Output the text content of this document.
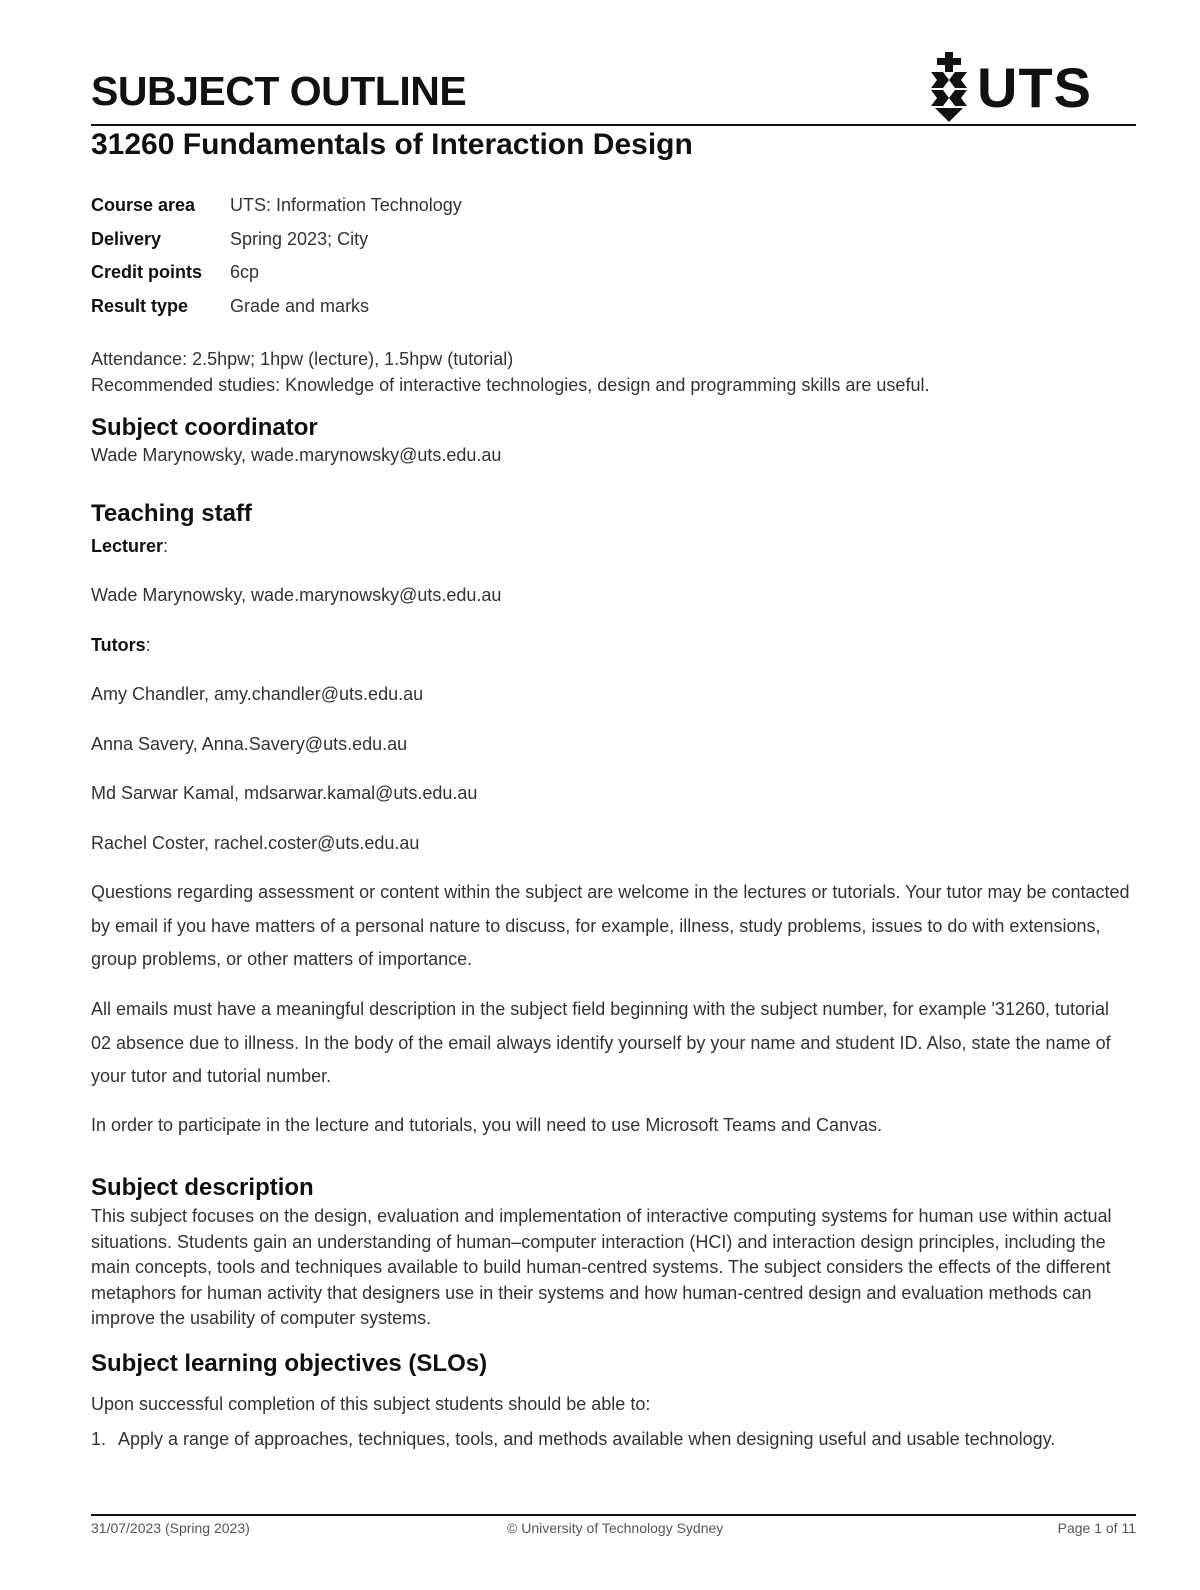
SUBJECT OUTLINE	UTS
31260 Fundamentals of Interaction Design
Course area	UTS: Information Technology
Delivery	Spring 2023; City
Credit points	6cp
Result type	Grade and marks

Attendance: 2.5hpw; 1hpw (lecture), 1.5hpw (tutorial)

Recommended studies: Knowledge of interactive technologies, design and programming skills are useful.

Subject coordinator

Wade Marynowsky, wade.marynowsky@uts.edu.au

Teaching staff

Lecturer:

Wade Marynowsky, wade.marynowsky@uts.edu.au

Tutors:

Amy Chandler, amy.chandler@uts.edu.au

Anna Savery, Anna.Savery@uts.edu.au

Md Sarwar Kamal, mdsarwar.kamal@uts.edu.au

Rachel Coster, rachel.coster@uts.edu.au

Questions regarding assessment or content within the subject are welcome in the lectures or tutorials. Your tutor may be contacted by email if you have matters of a personal nature to discuss, for example, illness, study problems, issues to do with extensions, group problems, or other matters of importance.

All emails must have a meaningful description in the subject field beginning with the subject number, for example '31260, tutorial 02 absence due to illness. In the body of the email always identify yourself by your name and student ID. Also, state the name of your tutor and tutorial number.

In order to participate in the lecture and tutorials, you will need to use Microsoft Teams and Canvas.

Subject description

This subject focuses on the design, evaluation and implementation of interactive computing systems for human use within actual situations. Students gain an understanding of human–computer interaction (HCI) and interaction design principles, including the main concepts, tools and techniques available to build human-centred systems. The subject considers the effects of the different metaphors for human activity that designers use in their systems and how human-centred design and evaluation methods can improve the usability of computer systems.

Subject learning objectives (SLOs)

Upon successful completion of this subject students should be able to:

1. Apply a range of approaches, techniques, tools, and methods available when designing useful and usable technology.
31/07/2023 (Spring 2023)	© University of Technology Sydney	Page 1 of 11
